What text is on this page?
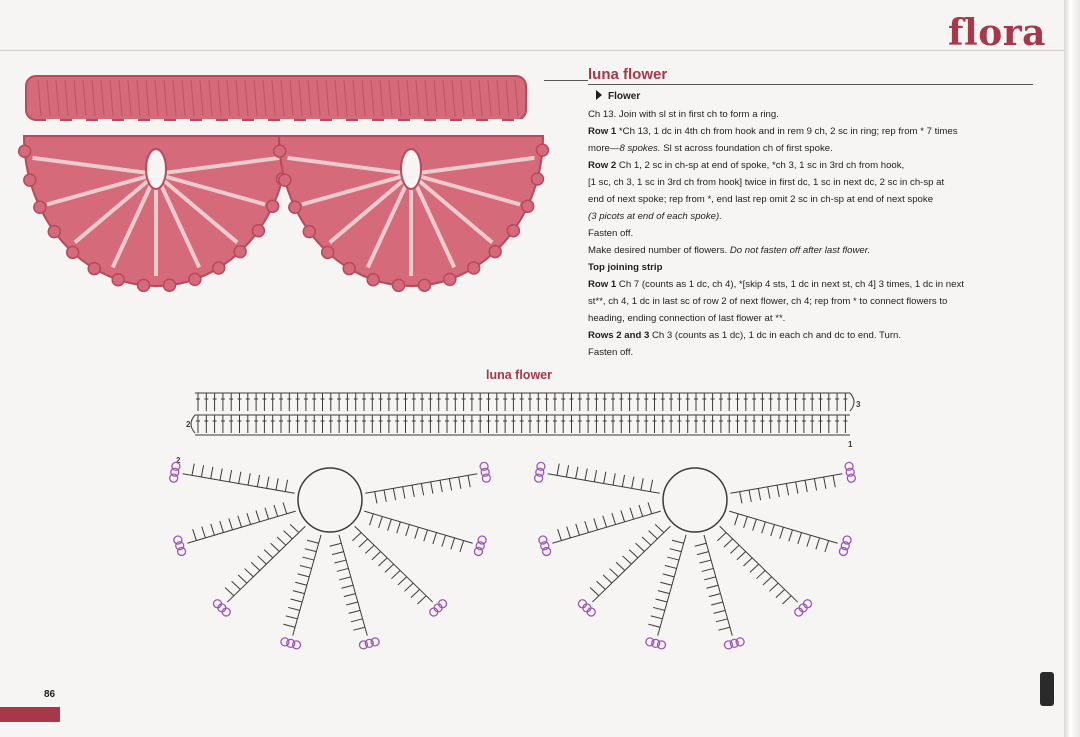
flora
luna flower
Flower

Ch 13. Join with sl st in first ch to form a ring.

Row 1 *Ch 13, 1 dc in 4th ch from hook and in rem 9 ch, 2 sc in ring; rep from * 7 times

more—8 spokes. Sl st across foundation ch of first spoke.

Row 2 Ch 1, 2 sc in ch-sp at end of spoke, *ch 3, 1 sc in 3rd ch from hook,

[1 sc, ch 3, 1 sc in 3rd ch from hook] twice in first dc, 1 sc in next dc, 2 sc in ch-sp at

end of next spoke; rep from *, end last rep omit 2 sc in ch-sp at end of next spoke

(3 picots at end of each spoke).

Fasten off.

Make desired number of flowers. Do not fasten off after last flower.

Top joining strip

Row 1 Ch 7 (counts as 1 dc, ch 4), *[skip 4 sts, 1 dc in next st, ch 4] 3 times, 1 dc in next

st**, ch 4, 1 dc in last sc of row 2 of next flower, ch 4; rep from * to connect flowers to

heading, ending connection of last flower at **.

Rows 2 and 3 Ch 3 (counts as 1 dc), 1 dc in each ch and dc to end. Turn.

Fasten off.

luna flower

3
2
1
2

86
